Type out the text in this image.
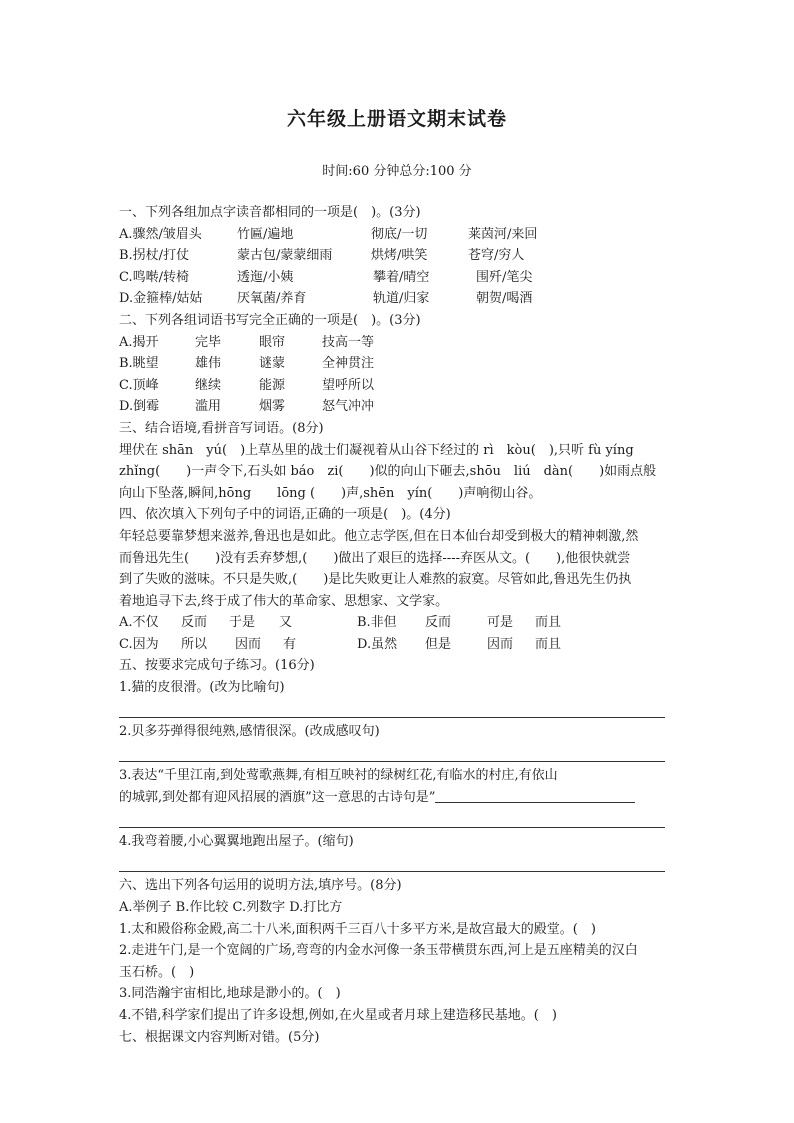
六年级上册语文期末试卷
时间:60 分钟总分:100 分
一、下列各组加点字读音都相同的一项是(　)。(3分)
A.骤然/皱眉头	竹匾/遍地	彻底/一切	莱茵河/来回
B.拐杖/打仗	蒙古包/蒙蒙细雨	烘烤/哄笑	苍穹/穷人
C.鸣啭/转椅	透迤/小姨	攀着/晴空	围歼/笔尖
D.金箍棒/姑姑	厌氧菌/养育	轨道/归家	朝贺/喝酒
二、下列各组词语书写完全正确的一项是(　)。(3分)
A.揭开	完毕	眼帘	技高一等
B.眺望	雄伟	谜蒙	全神贯注
C.顶峰	继续	能源	望呼所以
D.倒霉	滥用	烟雾	怒气冲冲
三、结合语境,看拼音写词语。(8分)
埋伏在 shān　yú(　)上草丛里的战士们凝视着从山谷下经过的 rì　kòu(　),只听 fù yíng
zhǐng(　　)一声令下,石头如 báo　zi(　　)似的向山下砸去,shōu　liú　dàn(　　)如雨点般
向山下坠落,瞬间,hōng　　lōng (　　)声,shēn　yín(　　)声响彻山谷。
四、依次填入下列句子中的词语,正确的一项是(　)。(4分)
年轻总要靠梦想来滋养,鲁迅也是如此。他立志学医,但在日本仙台却受到极大的精神刺激,然
而鲁迅先生(　　)没有丢弃梦想,(　　)做出了艰巨的选择----弃医从文。(　　),他很快就尝
到了失败的滋味。不只是失败,(　　)是比失败更让人难熬的寂寞。尽管如此,鲁迅先生仍执
着地追寻下去,终于成了伟大的革命家、思想家、文学家。
A.不仅	反而	于是	又	B.非但	反而	可是	而且
C.因为	所以	因而	有	D.虽然	但是	因而	而且
五、按要求完成句子练习。(16分)
1.猫的皮很滑。(改为比喻句)
2.贝多芬弹得很纯熟,感情很深。(改成感叹句)
3.表达“千里江南,到处莺歌燕舞,有相互映衬的绿树红花,有临水的村庄,有依山
的城郭,到处都有迎风招展的酒旗”这一意思的古诗句是”
4.我弯着腰,小心翼翼地跑出屋子。(缩句)
六、选出下列各句运用的说明方法,填序号。(8分)
A.举例子 B.作比较 C.列数字 D.打比方
1.太和殿俗称金殿,高二十八米,面积两千三百八十多平方米,是故宫最大的殿堂。(　)
2.走进午门,是一个宽阔的广场,弯弯的内金水河像一条玉带横贯东西,河上是五座精美的汉白
玉石桥。(　)
3.同浩瀚宇宙相比,地球是渺小的。(　)
4.不错,科学家们提出了许多设想,例如,在火星或者月球上建造移民基地。(　)
七、根据课文内容判断对错。(5分)
